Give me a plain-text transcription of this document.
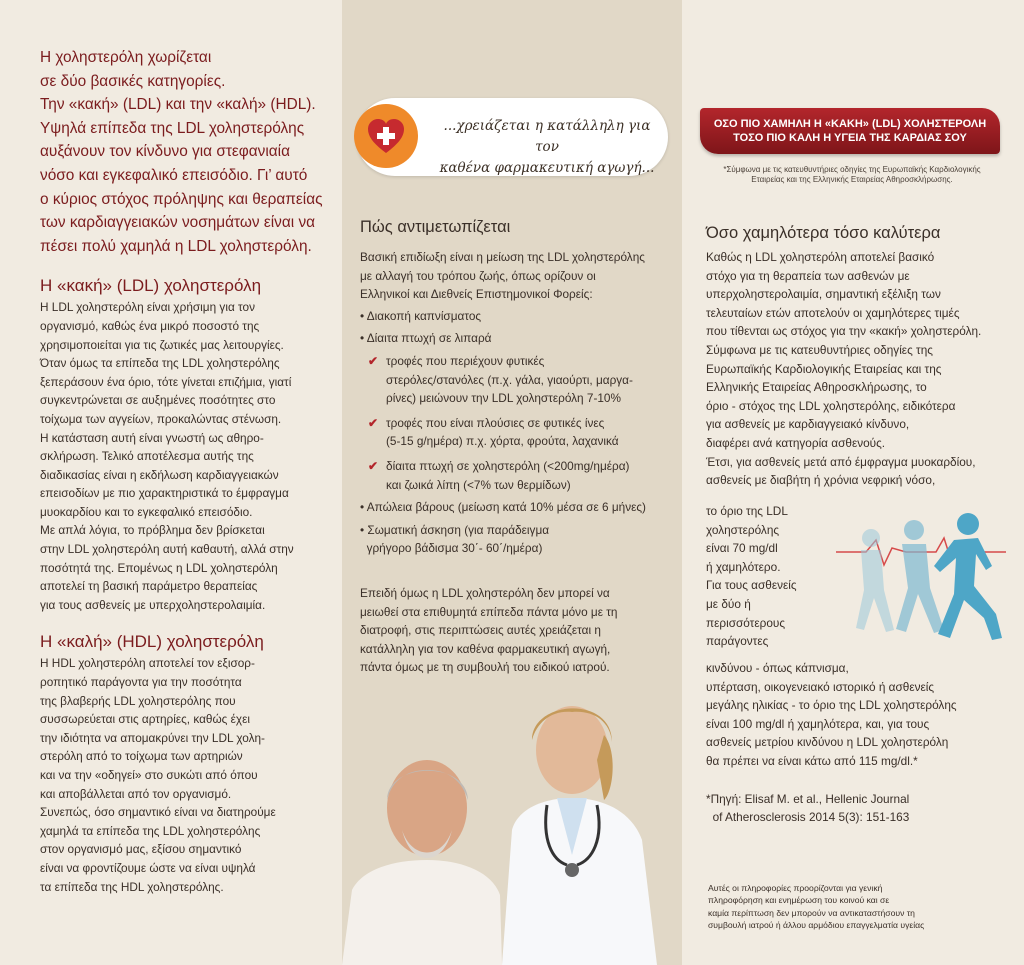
Η χοληστερόλη χωρίζεται
σε δύο βασικές κατηγορίες.
Την «κακή» (LDL) και την «καλή» (HDL).
Υψηλά επίπεδα της LDL χοληστερόλης
αυξάνουν τον κίνδυνο για στεφανιαία
νόσο και εγκεφαλικό επεισόδιο. Γι’ αυτό
ο κύριος στόχος πρόληψης και θεραπείας
των καρδιαγγειακών νοσημάτων είναι να
πέσει πολύ χαμηλά η LDL χοληστερόλη.

Η «κακή» (LDL) χοληστερόλη

Η LDL χοληστερόλη είναι χρήσιμη για τον
οργανισμό, καθώς ένα μικρό ποσοστό της
χρησιμοποιείται για τις ζωτικές μας λειτουργίες.
Όταν όμως τα επίπεδα της LDL χοληστερόλης
ξεπεράσουν ένα όριο, τότε γίνεται επιζήμια, γιατί
συγκεντρώνεται σε αυξημένες ποσότητες στο
τοίχωμα των αγγείων, προκαλώντας στένωση.
Η κατάσταση αυτή είναι γνωστή ως αθηρο-
σκλήρωση. Τελικό αποτέλεσμα αυτής της
διαδικασίας είναι η εκδήλωση καρδιαγγειακών
επεισοδίων με πιο χαρακτηριστικά το έμφραγμα
μυοκαρδίου και το εγκεφαλικό επεισόδιο.
Με απλά λόγια, το πρόβλημα δεν βρίσκεται
στην LDL χοληστερόλη αυτή καθαυτή, αλλά στην
ποσότητά της. Επομένως η LDL χοληστερόλη
αποτελεί τη βασική παράμετρο θεραπείας
για τους ασθενείς με υπερχοληστερολαιμία.

Η «καλή» (HDL) χοληστερόλη

Η HDL χοληστερόλη αποτελεί τον εξισορ-
ροπητικό παράγοντα για την ποσότητα
της βλαβερής LDL χοληστερόλης που
συσσωρεύεται στις αρτηρίες, καθώς έχει
την ιδιότητα να απομακρύνει την LDL χολη-
στερόλη από το τοίχωμα των αρτηριών
και να την «οδηγεί» στο συκώτι από όπου
και αποβάλλεται από τον οργανισμό.
Συνεπώς, όσο σημαντικό είναι να διατηρούμε
χαμηλά τα επίπεδα της LDL χοληστερόλης
στον οργανισμό μας, εξίσου σημαντικό
είναι να φροντίζουμε ώστε να είναι υψηλά
τα επίπεδα της HDL χοληστερόλης.

...χρειάζεται η κατάλληλη για τον
καθένα φαρμακευτική αγωγή...
Πώς αντιμετωπίζεται

Βασική επιδίωξη είναι η μείωση της LDL χοληστερόλης
με αλλαγή του τρόπου ζωής, όπως ορίζουν οι
Ελληνικοί και Διεθνείς Επιστημονικοί Φορείς:

• Διακοπή καπνίσματος

• Δίαιτα πτωχή σε λιπαρά

✔ τροφές που περιέχουν φυτικές
στερόλες/στανόλες (π.χ. γάλα, γιαούρτι, μαργα-
ρίνες) μειώνουν την LDL χοληστερόλη 7-10%
✔ τροφές που είναι πλούσιες σε φυτικές ίνες
(5-15 g/ημέρα) π.χ. χόρτα, φρούτα, λαχανικά
✔ δίαιτα πτωχή σε χοληστερόλη (<200mg/ημέρα)
και ζωικά λίπη (<7% των θερμίδων)

• Απώλεια βάρους (μείωση κατά 10% μέσα σε 6 μήνες)

• Σωματική άσκηση (για παράδειγμα
γρήγορο βάδισμα 30΄- 60΄/ημέρα)

Επειδή όμως η LDL χοληστερόλη δεν μπορεί να
μειωθεί στα επιθυμητά επίπεδα πάντα μόνο με τη
διατροφή, στις περιπτώσεις αυτές χρειάζεται η
κατάλληλη για τον καθένα φαρμακευτική αγωγή,
πάντα όμως με τη συμβουλή του ειδικού ιατρού.

ΟΣΟ ΠΙΟ ΧΑΜΗΛΗ Η «ΚΑΚΗ» (LDL) ΧΟΛΗΣΤΕΡΟΛΗ
ΤΟΣΟ ΠΙΟ ΚΑΛΗ Η ΥΓΕΙΑ ΤΗΣ ΚΑΡΔΙΑΣ ΣΟΥ
*Σύμφωνα με τις κατευθυντήριες οδηγίες της Ευρωπαϊκής Καρδιολογικής
Εταιρείας και της Ελληνικής Εταιρείας Αθηροσκλήρωσης.
Όσο χαμηλότερα τόσο καλύτερα

Καθώς η LDL χοληστερόλη αποτελεί βασικό
στόχο για τη θεραπεία των ασθενών με
υπερχοληστερολαιμία, σημαντική εξέλιξη των
τελευταίων ετών αποτελούν οι χαμηλότερες τιμές
που τίθενται ως στόχος για την «κακή» χοληστερόλη.
Σύμφωνα με τις κατευθυντήριες οδηγίες της
Ευρωπαϊκής Καρδιολογικής Εταιρείας και της
Ελληνικής Εταιρείας Αθηροσκλήρωσης, το
όριο - στόχος της LDL χοληστερόλης, ειδικότερα
για ασθενείς με καρδιαγγειακό κίνδυνο,
διαφέρει ανά κατηγορία ασθενούς.
Έτσι, για ασθενείς μετά από έμφραγμα μυοκαρδίου,
ασθενείς με διαβήτη ή χρόνια νεφρική νόσο,

το όριο της LDL
χοληστερόλης
είναι 70 mg/dl
ή χαμηλότερο.
Για τους ασθενείς
με δύο ή
περισσότερους
παράγοντες

κινδύνου - όπως κάπνισμα,
υπέρταση, οικογενειακό ιστορικό ή ασθενείς
μεγάλης ηλικίας - το όριο της LDL χοληστερόλης
είναι 100 mg/dl ή χαμηλότερα, και, για τους
ασθενείς μετρίου κινδύνου η LDL χοληστερόλη
θα πρέπει να είναι κάτω από 115 mg/dl.*

*Πηγή: Elisaf M. et al., Hellenic Journal
of Atherosclerosis 2014 5(3): 151-163

Αυτές οι πληροφορίες προορίζονται για γενική
πληροφόρηση και ενημέρωση του κοινού και σε
καμία περίπτωση δεν μπορούν να αντικαταστήσουν τη
συμβουλή ιατρού ή άλλου αρμόδιου επαγγελματία υγείας
